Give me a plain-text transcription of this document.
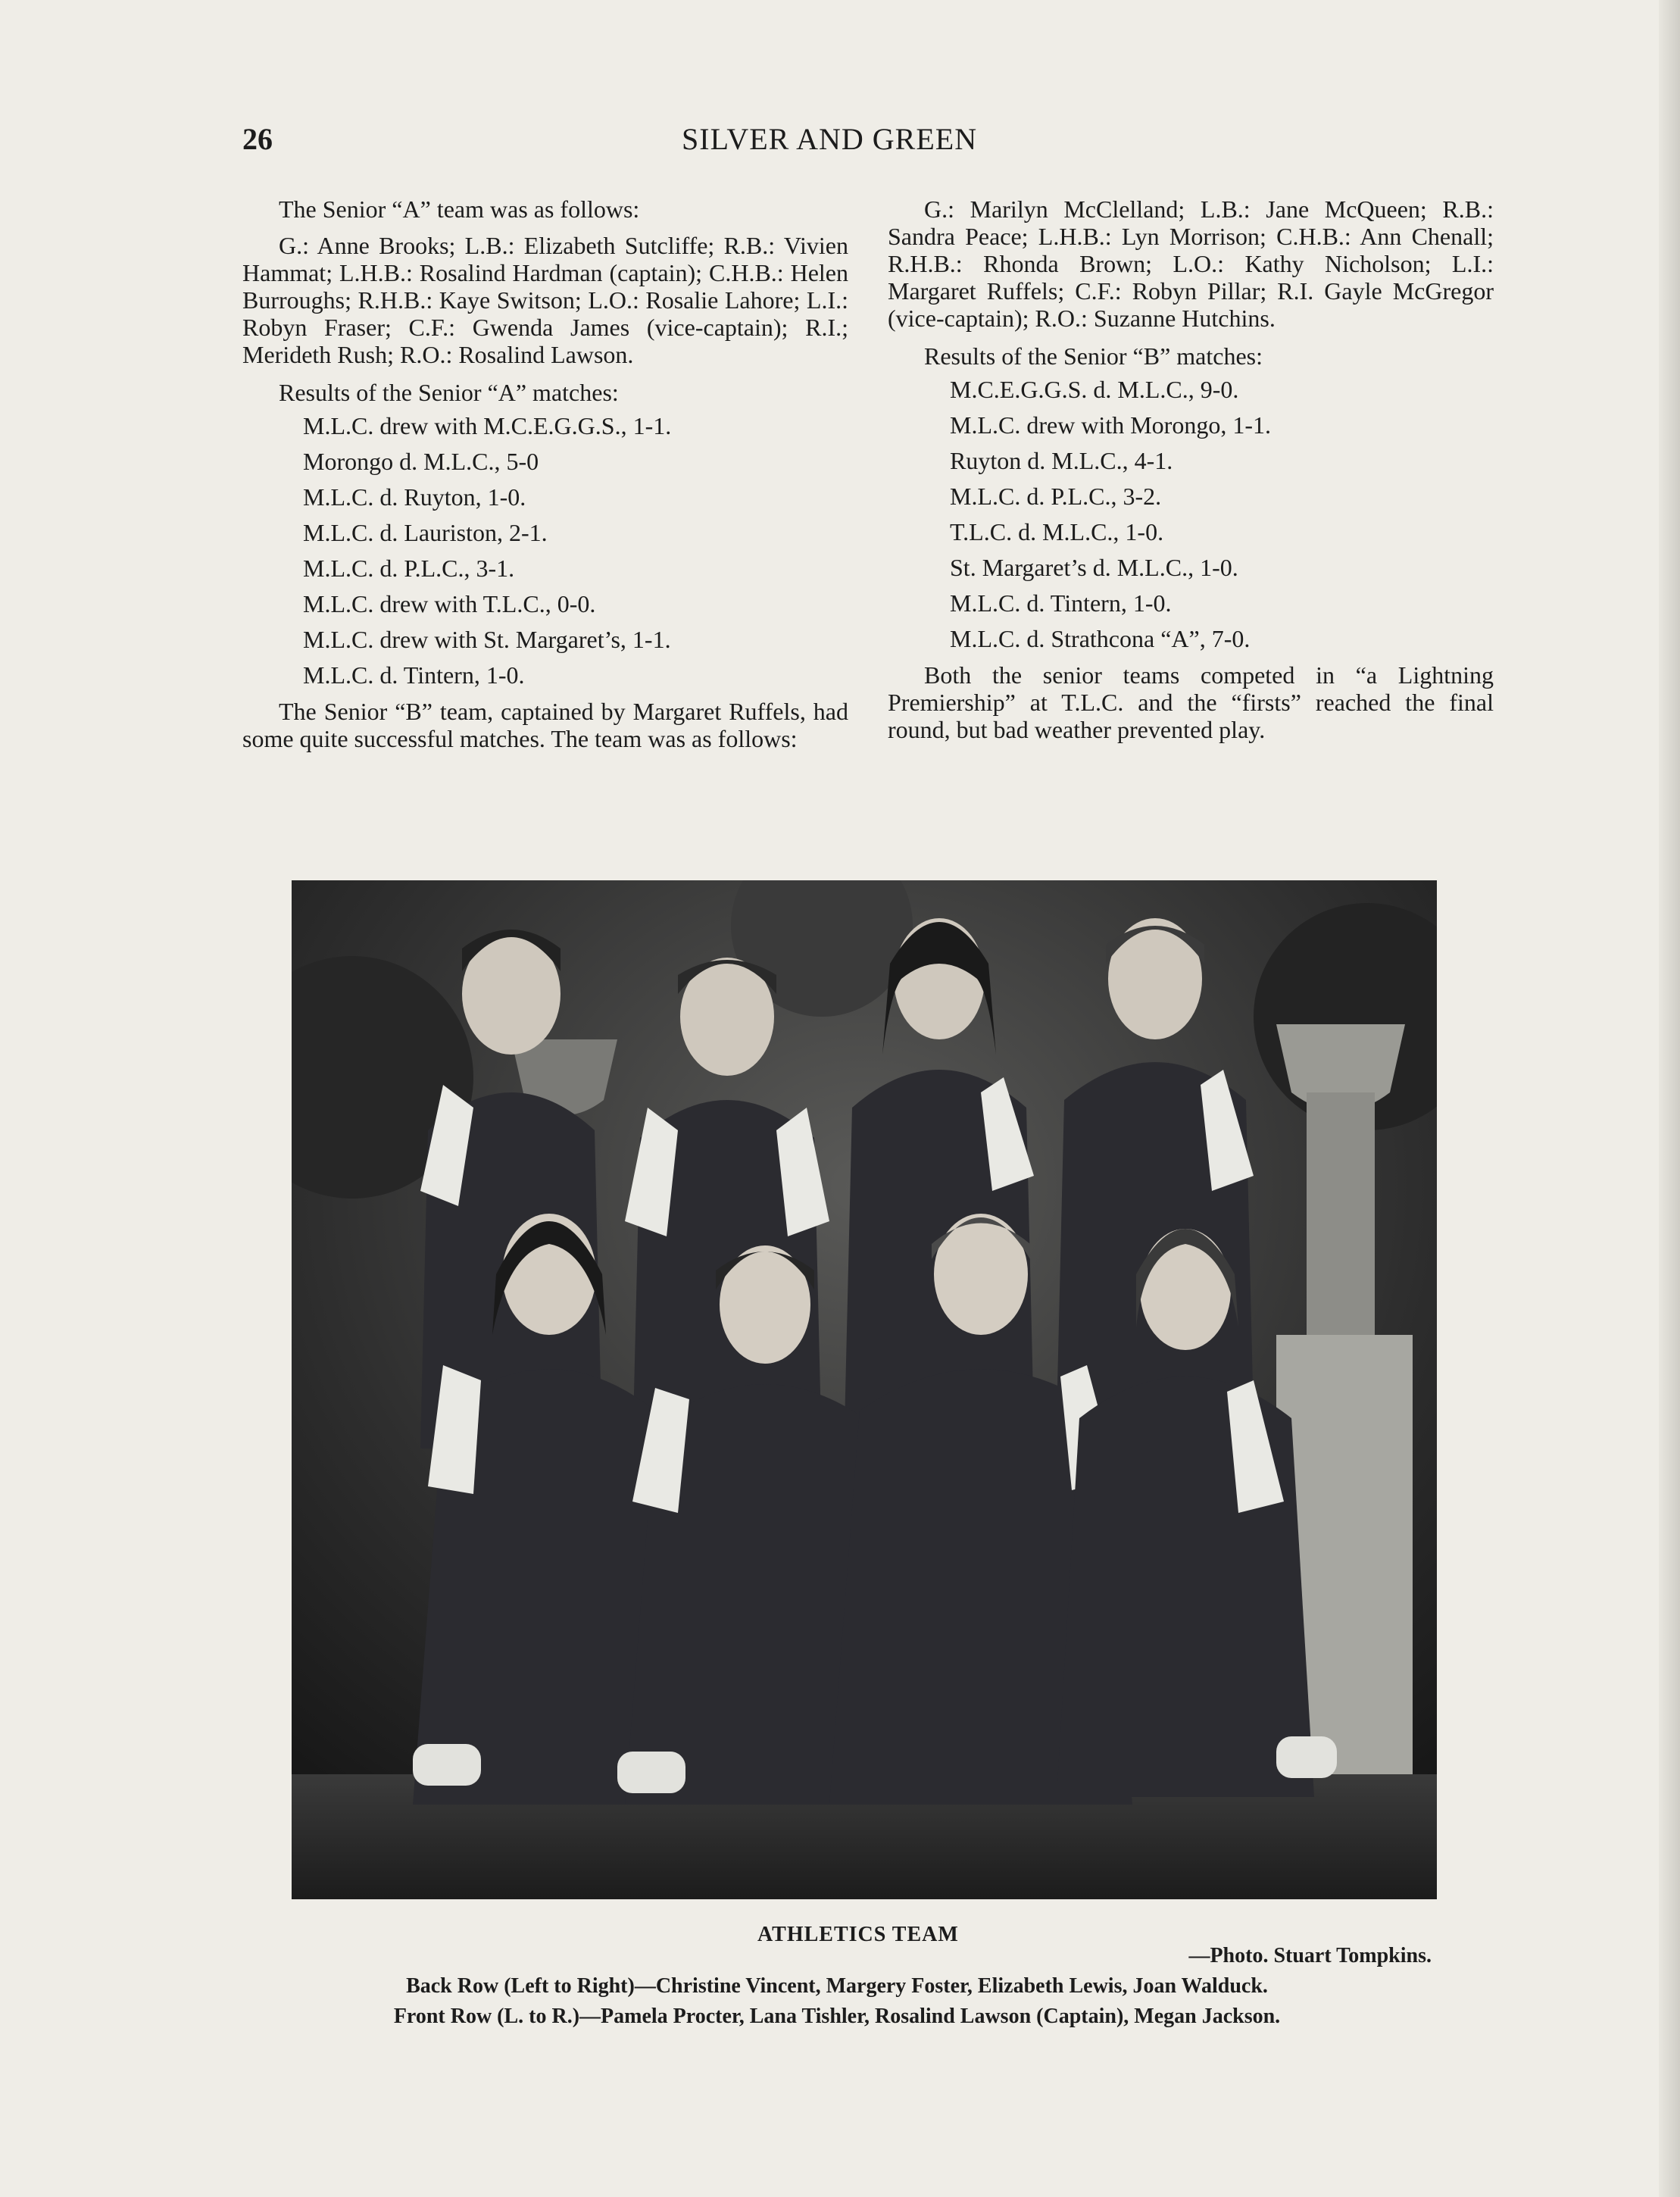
26	SILVER AND GREEN

The Senior “A” team was as follows:

G.: Anne Brooks; L.B.: Elizabeth Sutcliffe; R.B.: Vivien Hammat; L.H.B.: Rosalind Hardman (captain); C.H.B.: Helen Burroughs; R.H.B.: Kaye Switson; L.O.: Rosalie Lahore; L.I.: Robyn Fraser; C.F.: Gwenda James (vice-captain); R.I.; Merideth Rush; R.O.: Rosalind Lawson.

Results of the Senior “A” matches:

M.L.C. drew with M.C.E.G.G.S., 1-1.
Morongo d. M.L.C., 5-0
M.L.C. d. Ruyton, 1-0.
M.L.C. d. Lauriston, 2-1.
M.L.C. d. P.L.C., 3-1.
M.L.C. drew with T.L.C., 0-0.
M.L.C. drew with St. Margaret’s, 1-1.
M.L.C. d. Tintern, 1-0.

The Senior “B” team, captained by Margaret Ruffels, had some quite successful matches. The team was as follows:

G.: Marilyn McClelland; L.B.: Jane McQueen; R.B.: Sandra Peace; L.H.B.: Lyn Morrison; C.H.B.: Ann Chenall; R.H.B.: Rhonda Brown; L.O.: Kathy Nicholson; L.I.: Margaret Ruffels; C.F.: Robyn Pillar; R.I. Gayle McGregor (vice-captain); R.O.: Suzanne Hutchins.

Results of the Senior “B” matches:

M.C.E.G.G.S. d. M.L.C., 9-0.
M.L.C. drew with Morongo, 1-1.
Ruyton d. M.L.C., 4-1.
M.L.C. d. P.L.C., 3-2.
T.L.C. d. M.L.C., 1-0.
St. Margaret’s d. M.L.C., 1-0.
M.L.C. d. Tintern, 1-0.
M.L.C. d. Strathcona “A”, 7-0.

Both the senior teams competed in “a Lightning Premiership” at T.L.C. and the “firsts” reached the final round, but bad weather prevented play.

ATHLETICS TEAM
—Photo. Stuart Tompkins.
Back Row (Left to Right)—Christine Vincent, Margery Foster, Elizabeth Lewis, Joan Walduck.
Front Row (L. to R.)—Pamela Procter, Lana Tishler, Rosalind Lawson (Captain), Megan Jackson.
